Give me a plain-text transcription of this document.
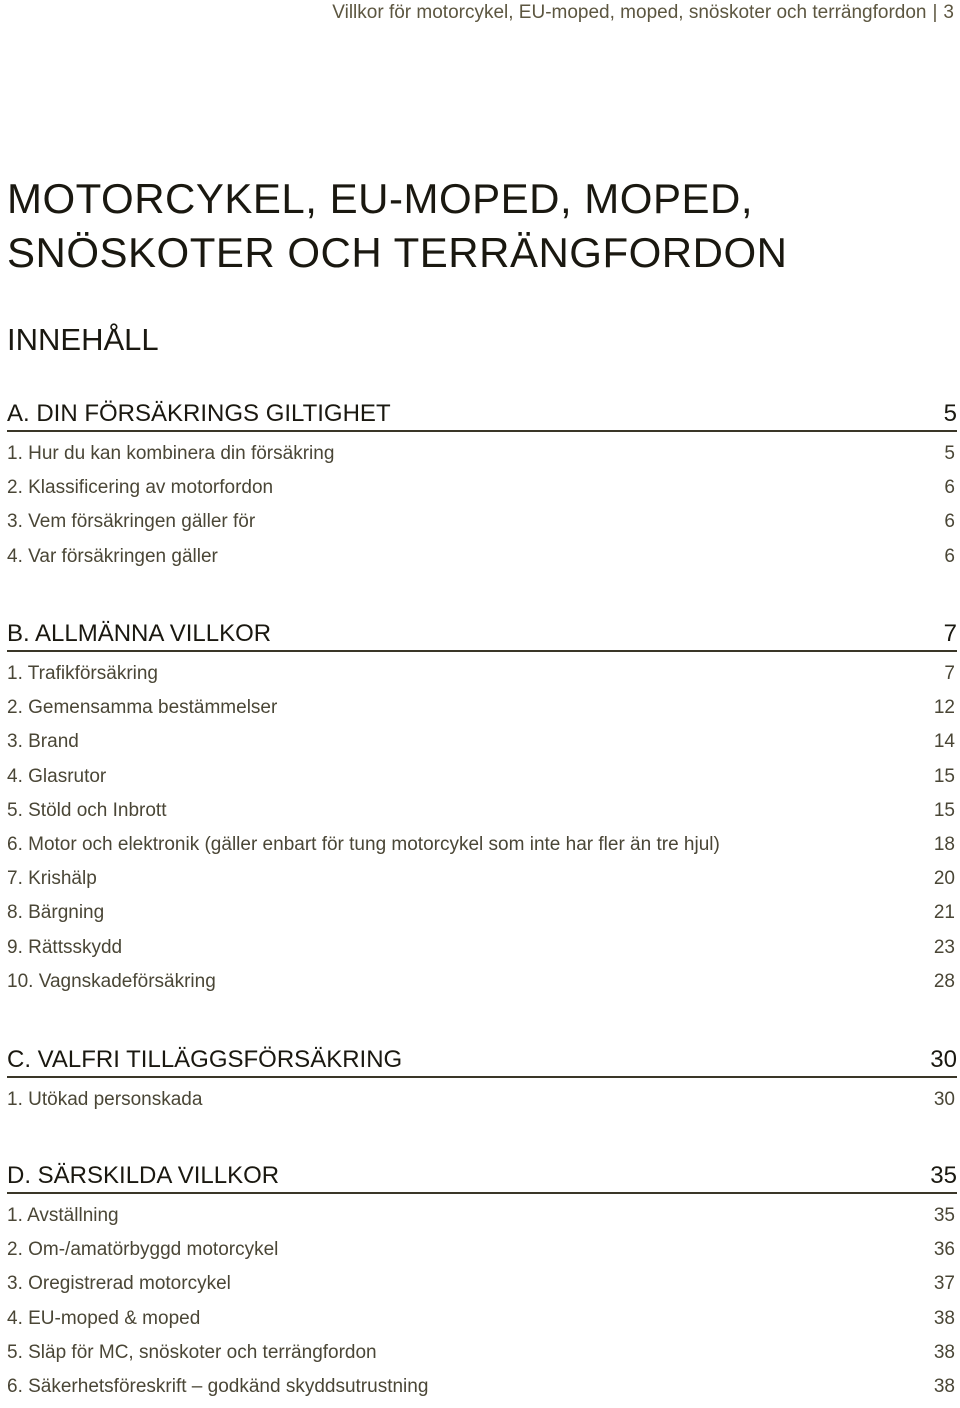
Villkor för motorcykel, EU-moped, moped, snöskoter och terrängfordon | 3
MOTORCYKEL, EU-MOPED, MOPED,
SNÖSKOTER OCH TERRÄNGFORDON
INNEHÅLL
A. DIN FÖRSÄKRINGS GILTIGHET	5
1. Hur du kan kombinera din försäkring	5
2. Klassificering av motorfordon	6
3. Vem försäkringen gäller för	6
4. Var försäkringen gäller	6
B. ALLMÄNNA VILLKOR	7
1. Trafikförsäkring	7
2. Gemensamma bestämmelser	12
3. Brand	14
4. Glasrutor	15
5. Stöld och Inbrott	15
6. Motor och elektronik (gäller enbart för tung motorcykel som inte har fler än tre hjul)	18
7. Krishälp	20
8. Bärgning	21
9. Rättsskydd	23
10. Vagnskadeförsäkring	28
C. VALFRI TILLÄGGSFÖRSÄKRING	30
1. Utökad personskada	30
D. SÄRSKILDA VILLKOR	35
1. Avställning	35
2. Om-/amatörbyggd motorcykel	36
3. Oregistrerad motorcykel	37
4. EU-moped & moped	38
5. Släp för MC, snöskoter och terrängfordon	38
6. Säkerhetsföreskrift – godkänd skyddsutrustning	38
